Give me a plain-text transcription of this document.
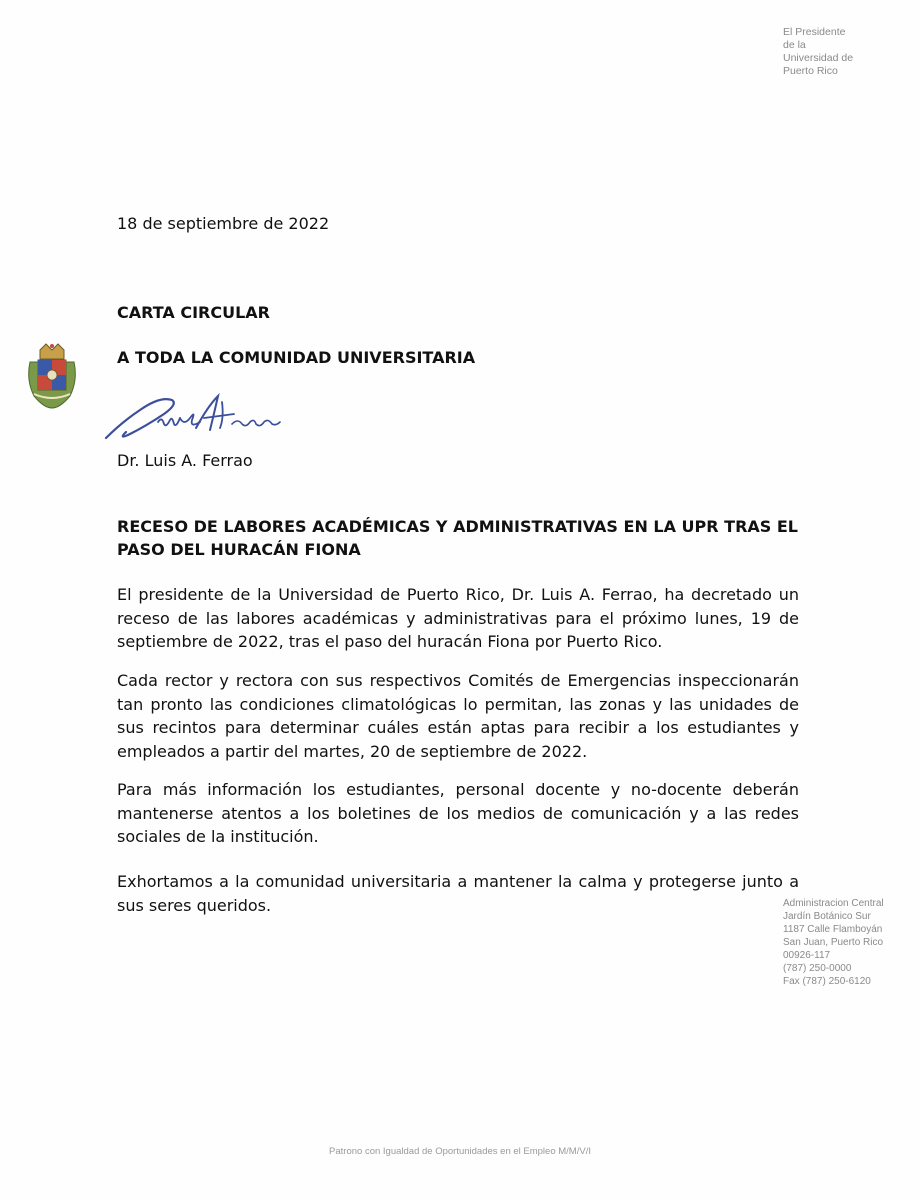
El Presidente
de la
Universidad de
Puerto Rico
18 de septiembre de 2022
CARTA CIRCULAR
A TODA LA COMUNIDAD UNIVERSITARIA
Dr. Luis A. Ferrao
RECESO DE LABORES ACADÉMICAS Y ADMINISTRATIVAS EN LA UPR TRAS EL PASO DEL HURACÁN FIONA
El presidente de la Universidad de Puerto Rico, Dr. Luis A. Ferrao, ha decretado un receso de las labores académicas y administrativas para el próximo lunes, 19 de septiembre de 2022, tras el paso del huracán Fiona por Puerto Rico.
Cada rector y rectora con sus respectivos Comités de Emergencias inspeccionarán tan pronto las condiciones climatológicas lo permitan, las zonas y las unidades de sus recintos para determinar cuáles están aptas para recibir a los estudiantes y empleados a partir del martes, 20 de septiembre de 2022.
Para más información los estudiantes, personal docente y no-docente deberán mantenerse atentos a los boletines de los medios de comunicación y a las redes sociales de la institución.
Exhortamos a la comunidad universitaria a mantener la calma y protegerse junto a sus seres queridos.	Administracion Central
Jardín Botánico Sur
1187 Calle Flamboyán
San Juan, Puerto Rico
00926-117
(787) 250-0000
Fax (787) 250-6120
Patrono con Igualdad de Oportunidades en el Empleo M/M/V/I
